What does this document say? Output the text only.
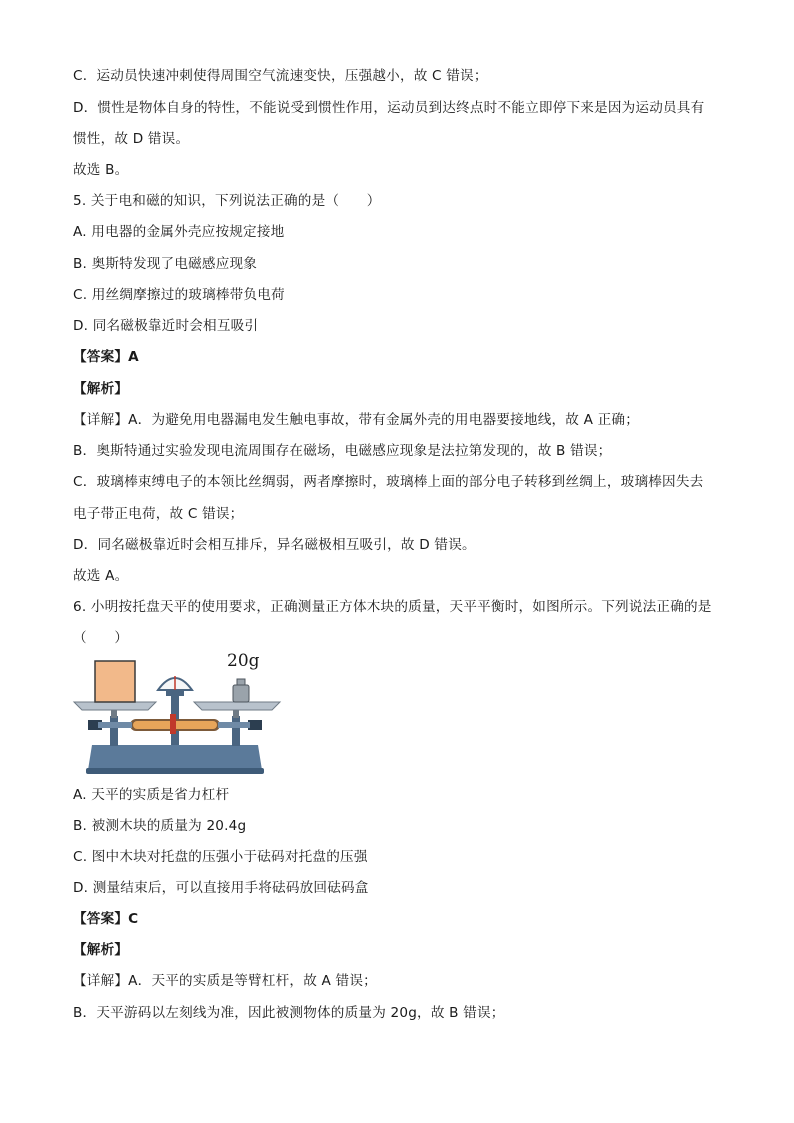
C．运动员快速冲刺使得周围空气流速变快，压强越小，故 C 错误；
D．惯性是物体自身的特性，不能说受到惯性作用，运动员到达终点时不能立即停下来是因为运动员具有
惯性，故 D 错误。
故选 B。
5. 关于电和磁的知识，下列说法正确的是（　　）
A. 用电器的金属外壳应按规定接地
B. 奥斯特发现了电磁感应现象
C. 用丝绸摩擦过的玻璃棒带负电荷
D. 同名磁极靠近时会相互吸引
【答案】A
【解析】
【详解】A．为避免用电器漏电发生触电事故，带有金属外壳的用电器要接地线，故 A 正确；
B．奥斯特通过实验发现电流周围存在磁场，电磁感应现象是法拉第发现的，故 B 错误；
C．玻璃棒束缚电子的本领比丝绸弱，两者摩擦时，玻璃棒上面的部分电子转移到丝绸上，玻璃棒因失去
电子带正电荷，故 C 错误；
D．同名磁极靠近时会相互排斥，异名磁极相互吸引，故 D 错误。
故选 A。
6. 小明按托盘天平的使用要求，正确测量正方体木块的质量，天平平衡时，如图所示。下列说法正确的是
（　　）
20g
A. 天平的实质是省力杠杆
B. 被测木块的质量为 20.4g
C. 图中木块对托盘的压强小于砝码对托盘的压强
D. 测量结束后，可以直接用手将砝码放回砝码盒
【答案】C
【解析】
【详解】A．天平的实质是等臂杠杆，故 A 错误；
B．天平游码以左刻线为准，因此被测物体的质量为 20g，故 B 错误；
